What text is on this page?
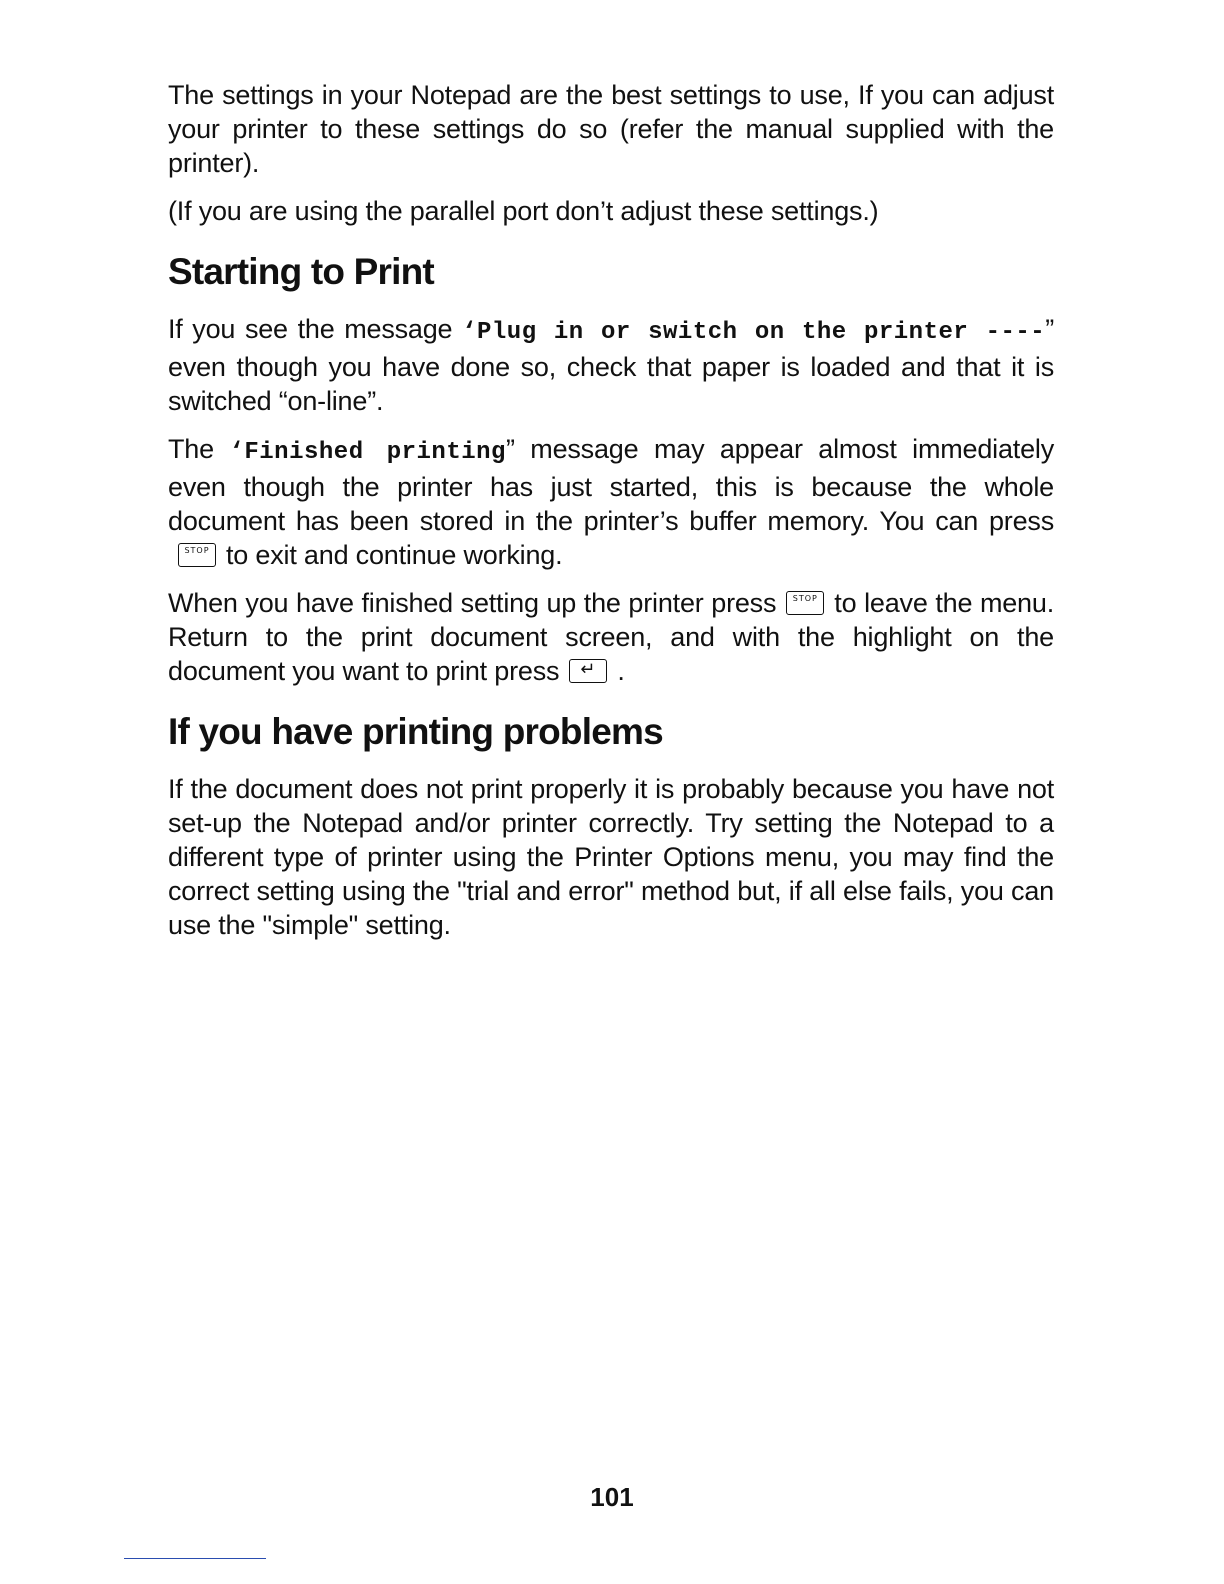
The settings in your Notepad are the best settings to use, If you can adjust your printer to these settings do so (refer the manual supplied with the printer).

(If you are using the parallel port don’t adjust these settings.)

Starting to Print

If you see the message ‘Plug in or switch on the printer ----” even though you have done so, check that paper is loaded and that it is switched “on-line”.

The ‘Finished printing” message may appear almost immediately even though the printer has just started, this is because the whole document has been stored in the printer’s buffer memory. You can press
STOP to exit and continue working.

When you have finished setting up the printer press	STOP to leave the menu. Return to the print document screen, and with the highlight on the document you want to print press	↵ .

If you have printing problems

If the document does not print properly it is probably because you have not set-up the Notepad and/or printer correctly. Try setting the Notepad to a different type of printer using the Printer Options menu, you may find the correct setting using the "trial and error" method but, if all else fails, you can use the "simple" setting.

101
